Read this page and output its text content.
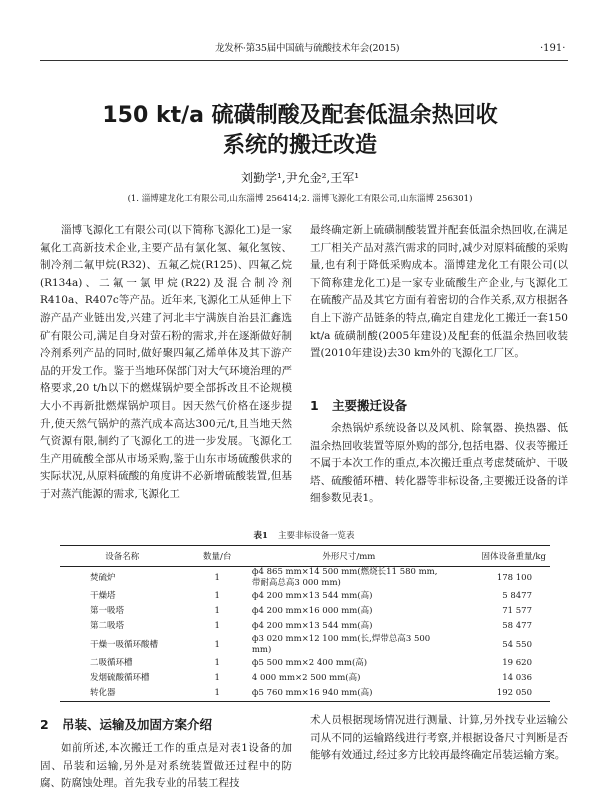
龙发杯·第35届中国硫与硫酸技术年会(2015)	·191·
150 kt/a 硫磺制酸及配套低温余热回收
系统的搬迁改造
刘勤学¹,尹允金²,王军¹
(1. 淄博建龙化工有限公司,山东淄博 256414;2. 淄博飞源化工有限公司,山东淄博 256301)
淄博飞源化工有限公司(以下简称飞源化工)是一家氟化工高新技术企业,主要产品有氯化氢、氟化氢铵、制冷剂二氟甲烷(R32)、五氟乙烷(R125)、四氟乙烷(R134a)、二氟一氯甲烷(R22)及混合制冷剂R410a、R407c等产品。近年来,飞源化工从延伸上下游产品产业链出发,兴建了河北丰宁满族自治县汇鑫选矿有限公司,满足自身对萤石粉的需求,并在逐渐做好制冷剂系列产品的同时,做好聚四氟乙烯单体及其下游产品的开发工作。鉴于当地环保部门对大气环境治理的严格要求,20 t/h以下的燃煤锅炉要全部拆改且不论规模大小不再新批燃煤锅炉项目。因天然气价格在逐步提升,使天然气锅炉的蒸汽成本高达300元/t,且当地天然气资源有限,制约了飞源化工的进一步发展。飞源化工生产用硫酸全部从市场采购,鉴于山东市场硫酸供求的实际状况,从原料硫酸的角度讲不必新增硫酸装置,但基于对蒸汽能源的需求,飞源化工
最终确定新上硫磺制酸装置并配套低温余热回收,在满足工厂相关产品对蒸汽需求的同时,减少对原料硫酸的采购量,也有利于降低采购成本。淄博建龙化工有限公司(以下简称建龙化工)是一家专业硫酸生产企业,与飞源化工在硫酸产品及其它方面有着密切的合作关系,双方根据各自上下游产品链条的特点,确定自建龙化工搬迁一套150 kt/a 硫磺制酸(2005年建设)及配套的低温余热回收装置(2010年建设)去30 km外的飞源化工厂区。
1 主要搬迁设备
余热锅炉系统设备以及风机、除氧器、换热器、低温余热回收装置等原外购的部分,包括电器、仪表等搬迁不属于本次工作的重点,本次搬迁重点考虑焚硫炉、干吸塔、硫酸循环槽、转化器等非标设备,主要搬迁设备的详细参数见表1。
表1 主要非标设备一览表
设备名称	数量/台	外形尺寸/mm	固体设备重量/kg
焚硫炉	1	ф4 865 mm×14 500 mm(燃烧长11 580 mm,带耐高总高3 000 mm)	178 100
干燥塔	1	ф4 200 mm×13 544 mm(高)	5 8477
第一吸塔	1	ф4 200 mm×16 000 mm(高)	71 577
第二吸塔	1	ф4 200 mm×13 544 mm(高)	58 477
干燥一吸循环酸槽	1	ф3 020 mm×12 100 mm(长,焊带总高3 500 mm)	54 550
二吸循环槽	1	ф5 500 mm×2 400 mm(高)	19 620
发烟硫酸循环槽	1	4 000 mm×2 500 mm(高)	14 036
转化器	1	ф5 760 mm×16 940 mm(高)	192 050
2 吊装、运输及加固方案介绍
如前所述,本次搬迁工作的重点是对表1设备的加固、吊装和运输,另外是对系统装置做还过程中的防腐、防腐蚀处理。首先我专业的吊装工程技
术人员根据现场情况进行测量、计算,另外找专业运输公司从不同的运输路线进行考察,并根据设备尺寸判断是否能够有效通过,经过多方比较再最终确定吊装运输方案。
